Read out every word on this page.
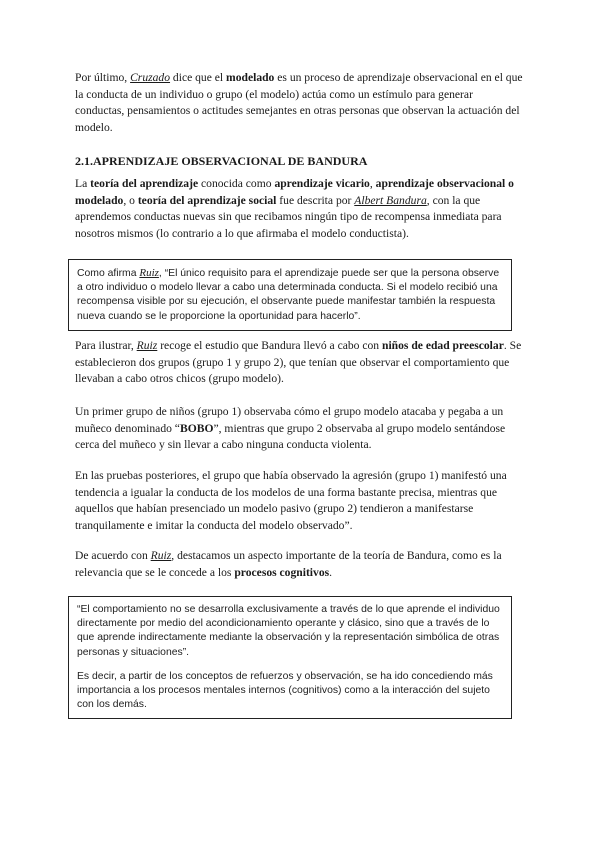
Por último, Cruzado dice que el modelado es un proceso de aprendizaje observacional en el que la conducta de un individuo o grupo (el modelo) actúa como un estímulo para generar conductas, pensamientos o actitudes semejantes en otras personas que observan la actuación del modelo.

2.1.APRENDIZAJE OBSERVACIONAL DE BANDURA

La teoría del aprendizaje conocida como aprendizaje vicario, aprendizaje observacional o modelado, o teoría del aprendizaje social fue descrita por Albert Bandura, con la que aprendemos conductas nuevas sin que recibamos ningún tipo de recompensa inmediata para nosotros mismos (lo contrario a lo que afirmaba el modelo conductista).

Como afirma Ruiz, “El único requisito para el aprendizaje puede ser que la persona observe a otro individuo o modelo llevar a cabo una determinada conducta. Si el modelo recibió una recompensa visible por su ejecución, el observante puede manifestar también la respuesta nueva cuando se le proporcione la oportunidad para hacerlo”.

Para ilustrar, Ruiz recoge el estudio que Bandura llevó a cabo con niños de edad preescolar. Se establecieron dos grupos (grupo 1 y grupo 2), que tenían que observar el comportamiento que llevaban a cabo otros chicos (grupo modelo).

Un primer grupo de niños (grupo 1) observaba cómo el grupo modelo atacaba y pegaba a un muñeco denominado “BOBO”, mientras que grupo 2 observaba al grupo modelo sentándose cerca del muñeco y sin llevar a cabo ninguna conducta violenta.

En las pruebas posteriores, el grupo que había observado la agresión (grupo 1) manifestó una tendencia a igualar la conducta de los modelos de una forma bastante precisa, mientras que aquellos que habían presenciado un modelo pasivo (grupo 2) tendieron a manifestarse tranquilamente e imitar la conducta del modelo observado”.

De acuerdo con Ruiz, destacamos un aspecto importante de la teoría de Bandura, como es la relevancia que se le concede a los procesos cognitivos.

“El comportamiento no se desarrolla exclusivamente a través de lo que aprende el individuo directamente por medio del acondicionamiento operante y clásico, sino que a través de lo que aprende indirectamente mediante la observación y la representación simbólica de otras personas y situaciones”.

Es decir, a partir de los conceptos de refuerzos y observación, se ha ido concediendo más importancia a los procesos mentales internos (cognitivos) como a la interacción del sujeto con los demás.
